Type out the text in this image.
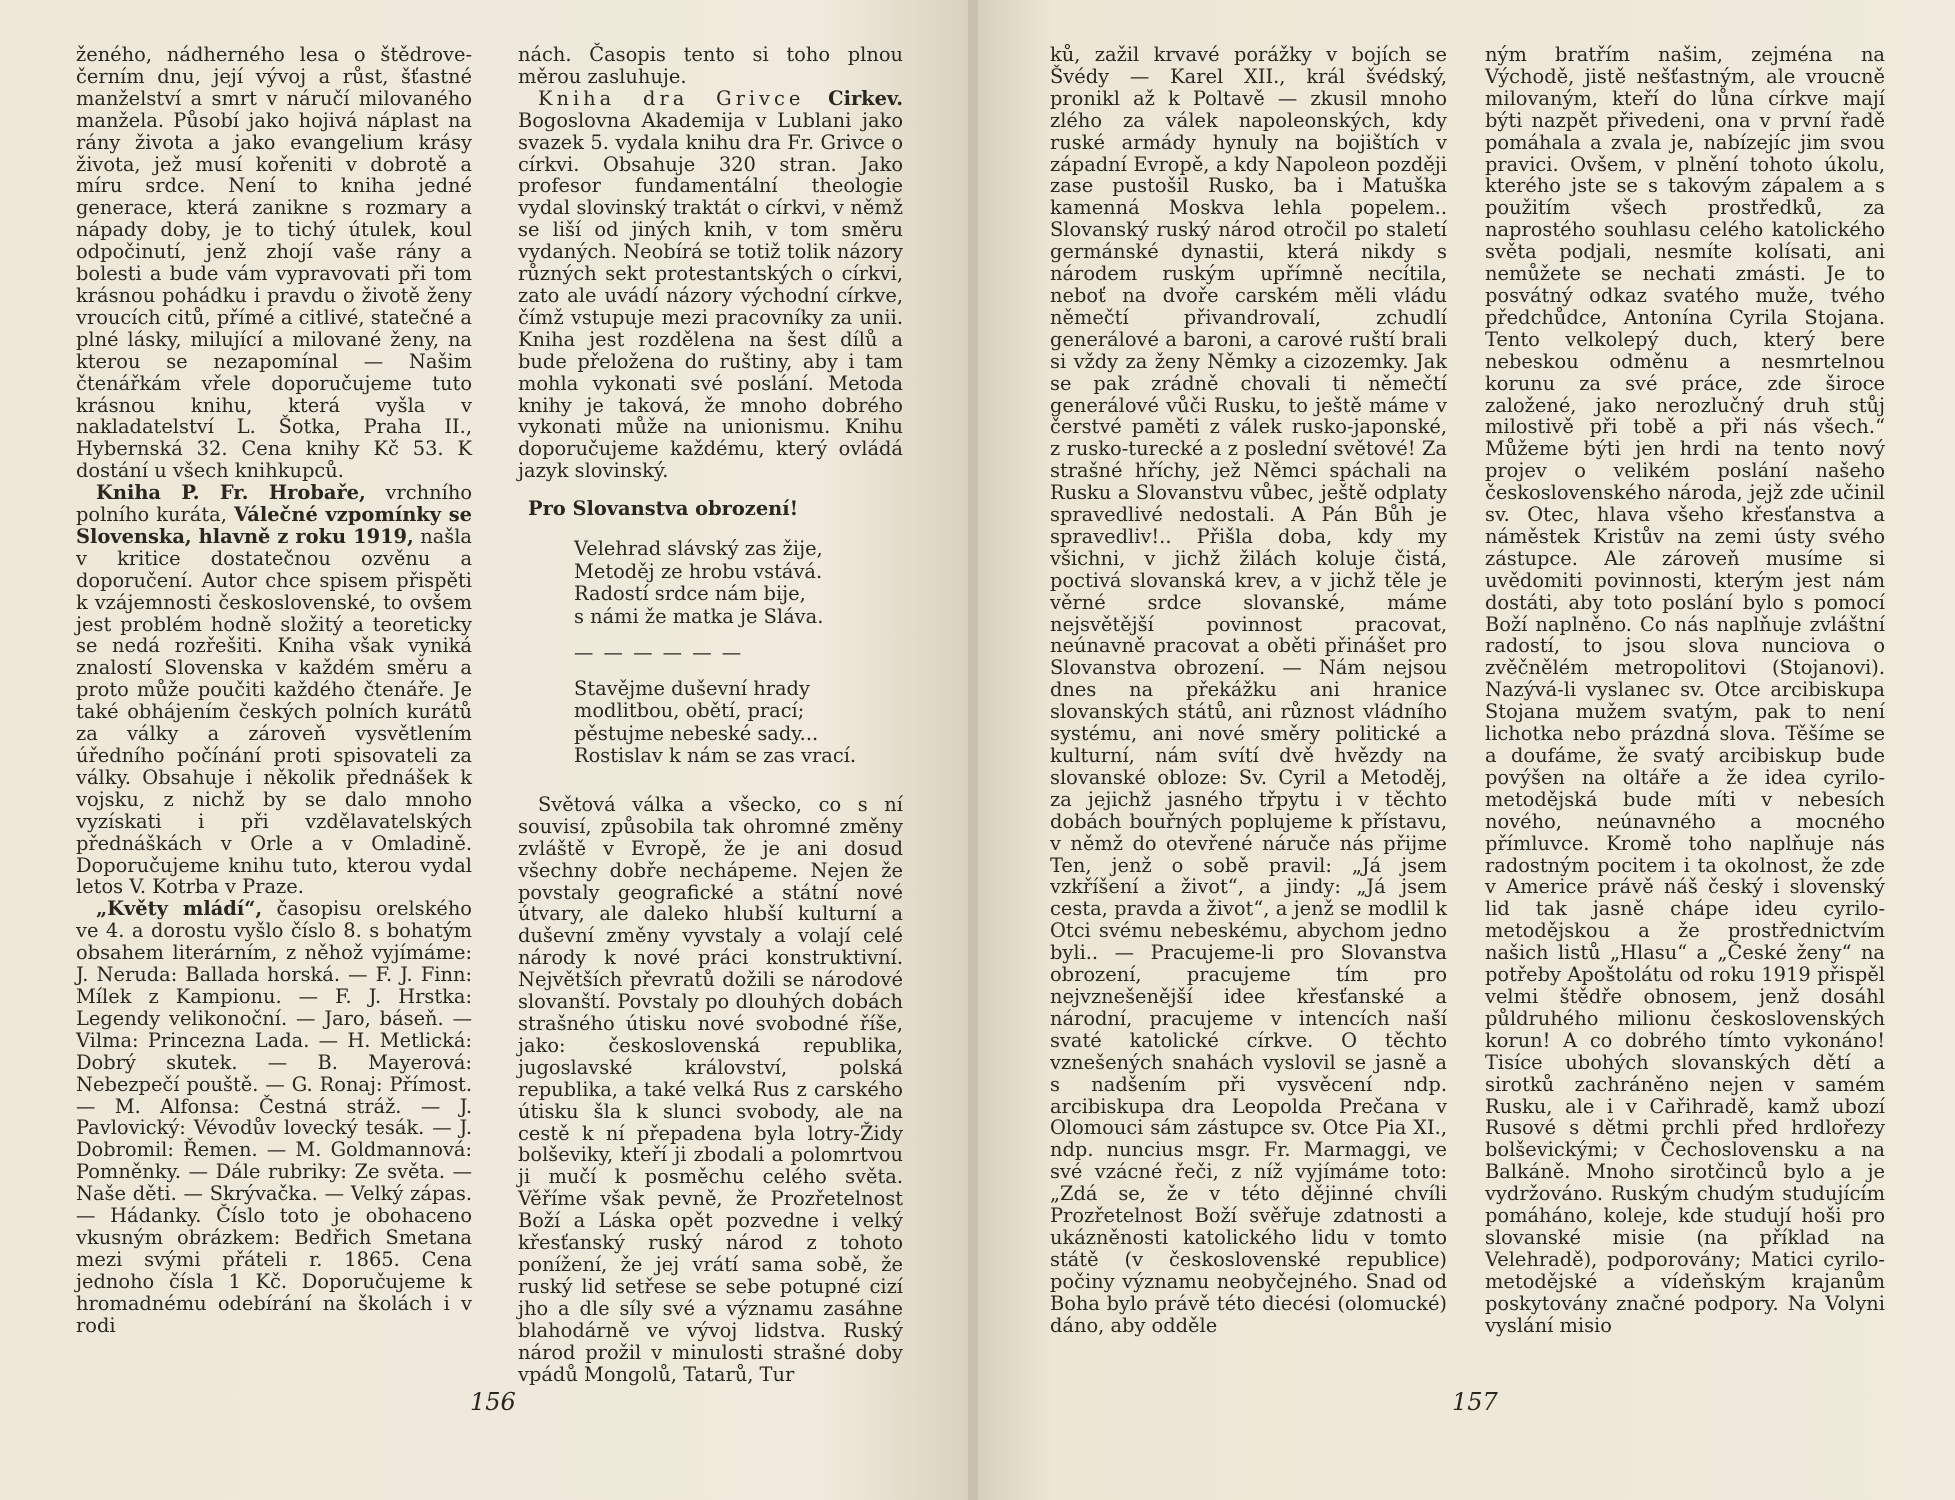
ženého, nádherného lesa o štědrovečerním dnu, její vývoj a růst, šťastné manželství a smrt v náručí milovaného manžela. Působí jako hojivá náplast na rány života a jako evangelium krásy života, jež musí kořeniti v dobrotě a míru srdce. Není to kniha jedné generace, která zanikne s rozmary a nápady doby, je to tichý útulek, koul odpočinutí, jenž zhojí vaše rány a bolesti a bude vám vypravovati při tom krásnou pohádku i pravdu o životě ženy vroucích citů, přímé a citlivé, statečné a plné lásky, milující a milované ženy, na kterou se nezapomínal — Našim čtenářkám vřele doporučujeme tuto krásnou knihu, která vyšla v nakladatelství L. Šotka, Praha II., Hybernská 32. Cena knihy Kč 53. K dostání u všech knihkupců.

Kniha P. Fr. Hrobaře, vrchního polního kuráta, Válečné vzpomínky se Slovenska, hlavně z roku 1919, našla v kritice dostatečnou ozvěnu a doporučení. Autor chce spisem přispěti k vzájemnosti československé, to ovšem jest problém hodně složitý a teoreticky se nedá rozřešiti. Kniha však vyniká znalostí Slovenska v každém směru a proto může poučiti každého čtenáře. Je také obhájením českých polních kurátů za války a zároveň vysvětlením úředního počínání proti spisovateli za války. Obsahuje i několik přednášek k vojsku, z nichž by se dalo mnoho vyzískati i při vzdělavatelských přednáškách v Orle a v Omladině. Doporučujeme knihu tuto, kterou vydal letos V. Kotrba v Praze.

„Květy mládí“, časopisu orelského ve 4. a dorostu vyšlo číslo 8. s bohatým obsahem literárním, z něhož vyjímáme: J. Neruda: Ballada horská. — F. J. Finn: Mílek z Kampionu. — F. J. Hrstka: Legendy velikonoční. — Jaro, báseň. — Vilma: Princezna Lada. — H. Metlická: Dobrý skutek. — B. Mayerová: Nebezpečí pouště. — G. Ronaj: Přímost. — M. Alfonsa: Čestná stráž. — J. Pavlovický: Vévodův lovecký tesák. — J. Dobromil: Řemen. — M. Goldmannová: Pomněnky. — Dále rubriky: Ze světa. — Naše děti. — Skrývačka. — Velký zápas. — Hádanky. Číslo toto je obohaceno vkusným obrázkem: Bedřich Smetana mezi svými přáteli r. 1865. Cena jednoho čísla 1 Kč. Doporučujeme k hromadnému odebírání na školách i v rodi

nách. Časopis tento si toho plnou měrou zasluhuje.

Kniha dra Grivce Cirkev. Bogoslovna Akademija v Lublani jako svazek 5. vydala knihu dra Fr. Grivce o církvi. Obsahuje 320 stran. Jako profesor fundamentální theologie vydal slovinský traktát o církvi, v němž se liší od jiných knih, v tom směru vydaných. Neobírá se totiž tolik názory různých sekt protestantských o církvi, zato ale uvádí názory východní církve, čímž vstupuje mezi pracovníky za unii. Kniha jest rozdělena na šest dílů a bude přeložena do ruštiny, aby i tam mohla vykonati své poslání. Metoda knihy je taková, že mnoho dobrého vykonati může na unionismu. Knihu doporučujeme každému, který ovládá jazyk slovinský.

Pro Slovanstva obrození!

Velehrad slávský zas žije,
Metoděj ze hrobu vstává.
Radostí srdce nám bije,
s námi že matka je Sláva.
— — — — — —
Stavějme duševní hrady
modlitbou, obětí, prací;
pěstujme nebeské sady...
Rostislav k nám se zas vrací.

Světová válka a všecko, co s ní souvisí, způsobila tak ohromné změny zvláště v Evropě, že je ani dosud všechny dobře nechápeme. Nejen že povstaly geografické a státní nové útvary, ale daleko hlubší kulturní a duševní změny vyvstaly a volají celé národy k nové práci konstruktivní. Největších převratů dožili se národové slovanští. Povstaly po dlouhých dobách strašného útisku nové svobodné říše, jako: československá republika, jugoslavské království, polská republika, a také velká Rus z carského útisku šla k slunci svobody, ale na cestě k ní přepadena byla lotry-Židy bolševiky, kteří ji zbodali a polomrtvou ji mučí k posměchu celého světa. Věříme však pevně, že Prozřetelnost Boží a Láska opět pozvedne i velký křesťanský ruský národ z tohoto ponížení, že jej vrátí sama sobě, že ruský lid setřese se sebe potupné cizí jho a dle síly své a významu zasáhne blahodárně ve vývoj lidstva. Ruský národ prožil v minulosti strašné doby vpádů Mongolů, Tatarů, Tur

156

ků, zažil krvavé porážky v bojích se Švédy — Karel XII., král švédský, pronikl až k Poltavě — zkusil mnoho zlého za válek napoleonských, kdy ruské armády hynuly na bojištích v západní Evropě, a kdy Napoleon později zase pustošil Rusko, ba i Matuška kamenná Moskva lehla popelem.. Slovanský ruský národ otročil po staletí germánské dynastii, která nikdy s národem ruským upřímně necítila, neboť na dvoře carském měli vládu němečtí přivandrovalí, zchudlí generálové a baroni, a carové ruští brali si vždy za ženy Němky a cizozemky. Jak se pak zrádně chovali ti němečtí generálové vůči Rusku, to ještě máme v čerstvé paměti z válek rusko-japonské, z rusko-turecké a z poslední světové! Za strašné hříchy, jež Němci spáchali na Rusku a Slovanstvu vůbec, ještě odplaty spravedlivé nedostali. A Pán Bůh je spravedliv!.. Přišla doba, kdy my všichni, v jichž žilách koluje čistá, poctivá slovanská krev, a v jichž těle je věrné srdce slovanské, máme nejsvětější povinnost pracovat, neúnavně pracovat a oběti přinášet pro Slovanstva obrození. — Nám nejsou dnes na překážku ani hranice slovanských států, ani různost vládního systému, ani nové směry politické a kulturní, nám svítí dvě hvězdy na slovanské obloze: Sv. Cyril a Metoděj, za jejichž jasného třpytu i v těchto dobách bouřných poplujeme k přístavu, v němž do otevřené náruče nás přijme Ten, jenž o sobě pravil: „Já jsem vzkříšení a život“, a jindy: „Já jsem cesta, pravda a život“, a jenž se modlil k Otci svému nebeskému, abychom jedno byli.. — Pracujeme-li pro Slovanstva obrození, pracujeme tím pro nejvznešenější idee křesťanské a národní, pracujeme v intencích naší svaté katolické církve. O těchto vznešených snahách vyslovil se jasně a s nadšením při vysvěcení ndp. arcibiskupa dra Leopolda Prečana v Olomouci sám zástupce sv. Otce Pia XI., ndp. nuncius msgr. Fr. Marmaggi, ve své vzácné řeči, z níž vyjímáme toto: „Zdá se, že v této dějinné chvíli Prozřetelnost Boží svěřuje zdatnosti a ukázněnosti katolického lidu v tomto státě (v československé republice) počiny významu neobyčejného. Snad od Boha bylo právě této diecési (olomucké) dáno, aby odděle

ným bratřím našim, zejména na Východě, jistě nešťastným, ale vroucně milovaným, kteří do lůna církve mají býti nazpět přivedeni, ona v první řadě pomáhala a zvala je, nabízejíc jim svou pravici. Ovšem, v plnění tohoto úkolu, kterého jste se s takovým zápalem a s použitím všech prostředků, za naprostého souhlasu celého katolického světa podjali, nesmíte kolísati, ani nemůžete se nechati zmásti. Je to posvátný odkaz svatého muže, tvého předchůdce, Antonína Cyrila Stojana. Tento velkolepý duch, který bere nebeskou odměnu a nesmrtelnou korunu za své práce, zde široce založené, jako nerozlučný druh stůj milostivě při tobě a při nás všech.“ Můžeme býti jen hrdi na tento nový projev o velikém poslání našeho československého národa, jejž zde učinil sv. Otec, hlava všeho křesťanstva a náměstek Kristův na zemi ústy svého zástupce. Ale zároveň musíme si uvědomiti povinnosti, kterým jest nám dostáti, aby toto poslání bylo s pomocí Boží naplněno. Co nás naplňuje zvláštní radostí, to jsou slova nunciova o zvěčnělém metropolitovi (Stojanovi). Nazývá-li vyslanec sv. Otce arcibiskupa Stojana mužem svatým, pak to není lichotka nebo prázdná slova. Těšíme se a doufáme, že svatý arcibiskup bude povýšen na oltáře a že idea cyrilo-metodějská bude míti v nebesích nového, neúnavného a mocného přímluvce. Kromě toho naplňuje nás radostným pocitem i ta okolnost, že zde v Americe právě náš český i slovenský lid tak jasně chápe ideu cyrilo-metodějskou a že prostřednictvím našich listů „Hlasu“ a „České ženy“ na potřeby Apoštolátu od roku 1919 přispěl velmi štědře obnosem, jenž dosáhl půldruhého milionu československých korun! A co dobrého tímto vykonáno! Tisíce ubohých slovanských dětí a sirotků zachráněno nejen v samém Rusku, ale i v Cařihradě, kamž ubozí Rusové s dětmi prchli před hrdlořezy bolševickými; v Čechoslovensku a na Balkáně. Mnoho sirotčinců bylo a je vydržováno. Ruským chudým studujícím pomáháno, koleje, kde studují hoši pro slovanské misie (na příklad na Velehradě), podporovány; Matici cyrilo-metodějské a vídeňským krajanům poskytovány značné podpory. Na Volyni vyslání misio

157
